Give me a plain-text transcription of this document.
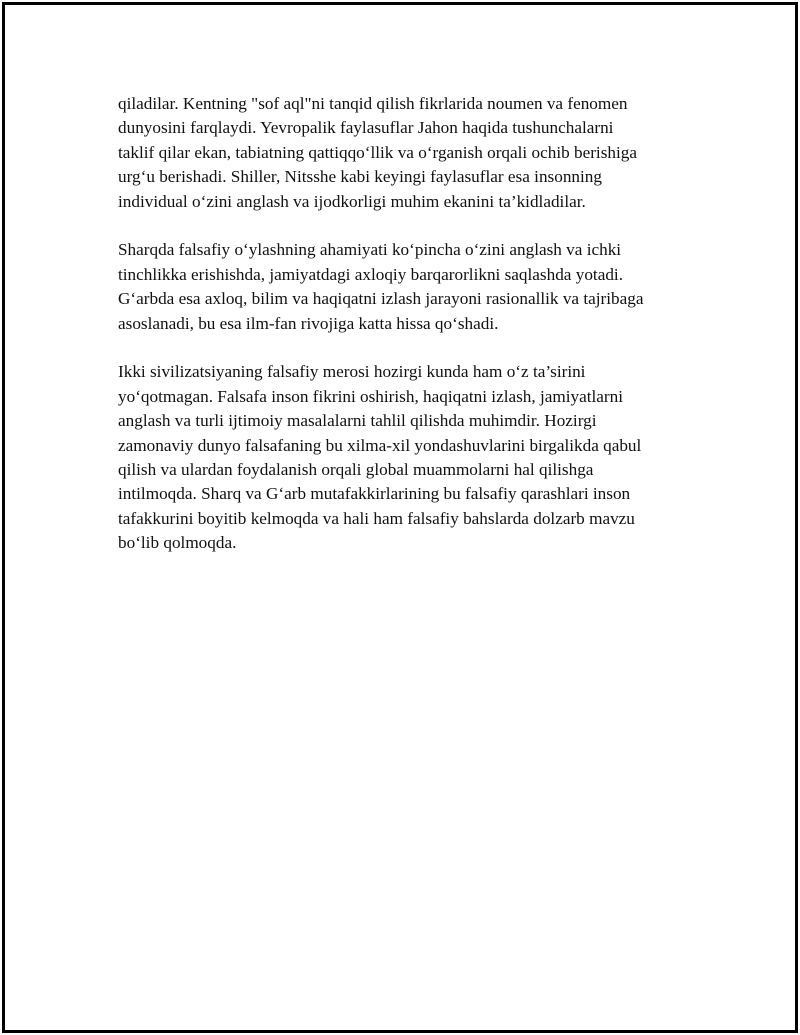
qiladilar. Kentning "sof aql"ni tanqid qilish fikrlarida noumen va fenomen
dunyosini farqlaydi. Yevropalik faylasuflar Jahon haqida tushunchalarni
taklif qilar ekan, tabiatning qattiqqo‘llik va o‘rganish orqali ochib berishiga
urg‘u berishadi. Shiller, Nitsshe kabi keyingi faylasuflar esa insonning
individual o‘zini anglash va ijodkorligi muhim ekanini ta’kidladilar.

Sharqda falsafiy o‘ylashning ahamiyati ko‘pincha o‘zini anglash va ichki
tinchlikka erishishda, jamiyatdagi axloqiy barqarorlikni saqlashda yotadi.
G‘arbda esa axloq, bilim va haqiqatni izlash jarayoni rasionallik va tajribaga
asoslanadi, bu esa ilm-fan rivojiga katta hissa qo‘shadi.

Ikki sivilizatsiyaning falsafiy merosi hozirgi kunda ham o‘z ta’sirini
yo‘qotmagan. Falsafa inson fikrini oshirish, haqiqatni izlash, jamiyatlarni
anglash va turli ijtimoiy masalalarni tahlil qilishda muhimdir. Hozirgi
zamonaviy dunyo falsafaning bu xilma-xil yondashuvlarini birgalikda qabul
qilish va ulardan foydalanish orqali global muammolarni hal qilishga
intilmoqda. Sharq va G‘arb mutafakkirlarining bu falsafiy qarashlari inson
tafakkurini boyitib kelmoqda va hali ham falsafiy bahslarda dolzarb mavzu
bo‘lib qolmoqda.
